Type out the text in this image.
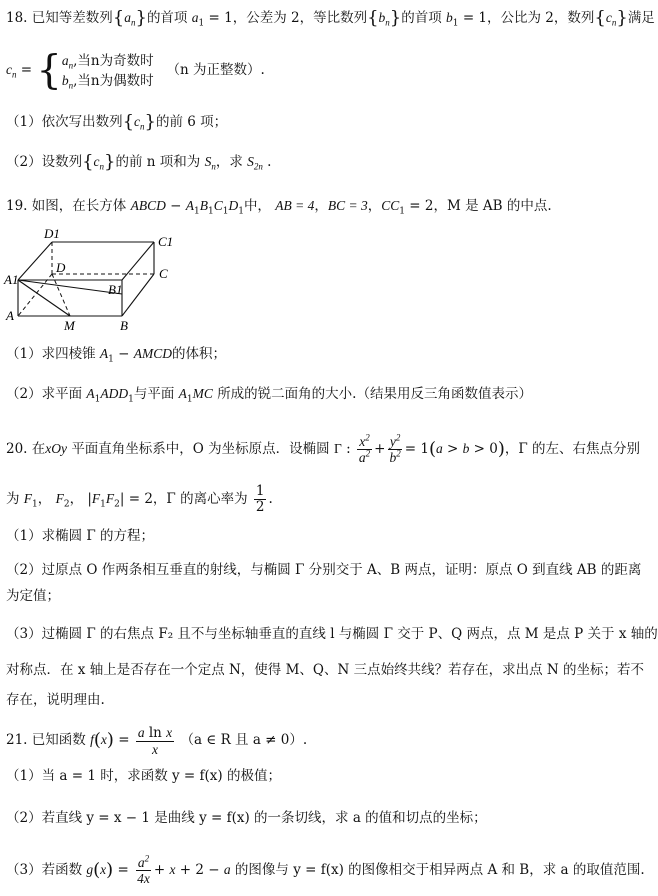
18. 已知等差数列$\{a_n\}$的首项 $a_1 = 1$，公差为 2，等比数列$\{b_n\}$的首项 $b_1 = 1$，公比为 2，数列$\{c_n\}$满足
$c_n$ = { $a_n$,当n为奇数时
$b_n$,当n为偶数时
（n 为正整数）.
（1）依次写出数列$\{c_n\}$的前 6 项；
（2）设数列$\{c_n\}$的前 n 项和为 $S_n$，求 $S_{2n}$ .
19. 如图，在长方体 ABCD − $A_1B_1C_1D_1$中， AB = 4，BC = 3，$CC_1 = 2$，M 是 AB 的中点.
D1
C1
A1
D	C
B1
A
M	B
（1）求四棱锥 $A_1$ − AMCD的体积；
（2）求平面 $A_1ADD_1$与平面 $A_1MC$ 所成的锐二面角的大小.（结果用反三角函数值表示）
20. 在xOy 平面直角坐标系中，O 为坐标原点．设椭圆 Γ : $\frac{x^2}{a^2} + \frac{y^2}{b^2} = 1(a > b > 0)$，Γ 的左、右焦点分别
为 $F_1$， $F_2$， $|F_1F_2| = 2$，Γ 的离心率为 $\frac{1}{2}$ .
（1）求椭圆 Γ 的方程；
（2）过原点 O 作两条相互垂直的射线，与椭圆 Γ 分别交于 A、B 两点，证明：原点 O 到直线 AB 的距离
为定值；
（3）过椭圆 Γ 的右焦点 F₂ 且不与坐标轴垂直的直线 l 与椭圆 Γ 交于 P、Q 两点，点 M 是点 P 关于 x 轴的
对称点．在 x 轴上是否存在一个定点 N，使得 M、Q、N 三点始终共线？若存在，求出点 N 的坐标；若不
存在，说明理由.
21. 已知函数 $f(x) = \frac{\text{a ln x}}{x} (a$ ∈ R 且 a ≠ 0）.
（1）当 a = 1 时，求函数 y = f(x) 的极值；
（2）若直线 y = x − 1 是曲线 y = f(x) 的一条切线，求 a 的值和切点的坐标；
（3）若函数 $g(x) = \frac{a^2}{4x} + x + 2 - a$ 的图像与 y = f(x) 的图像相交于相异两点 A 和 B，求 a 的取值范围.
